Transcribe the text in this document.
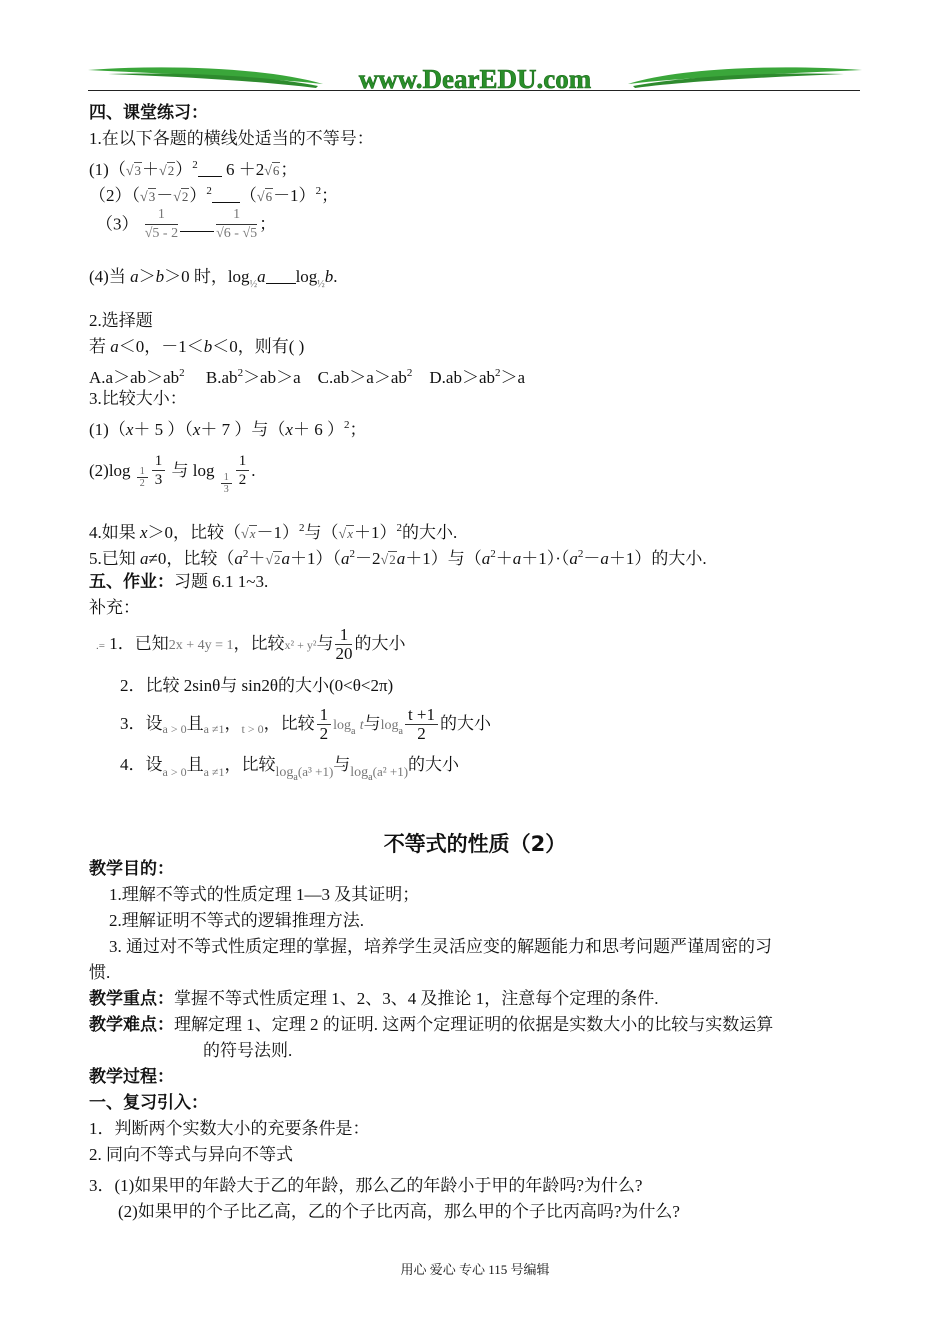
www.DearEDU.com
四、课堂练习：
1.在以下各题的横线处适当的不等号：
$(1)(√3+√2)^2$ 6 ＋2√6；
$(2)(√3-√2)^2$ $(√6-1)^2$；
$(3) \frac{1}{√5 - 2}$	$\frac{1}{√6 - √5}$ ；
(4)当 a＞b＞0 时，$\log_{\frac{1}{2}}a$ $\log_{\frac{1}{2}}b$.
2.选择题
若 a＜0，－1＜b＜0，则有( )
$A.a>ab>ab^2$ $B.ab^2>ab>a$ $C.ab>a>ab^2$ $D.ab>ab^2>a$
3.比较大小：
(1)（x＋ 5 ）（x＋ 7 ）与（x＋ 6 ）$^2$；
$(2)\log \frac{1}{2} \frac{1}{3}$ 与 log
$\frac{1}{3} \frac{1}{2}$ .
4.如果 x＞0，比较$(√x-1)^2$与$(√x+1)^2$的大小.
5.已知 a≠0，比较$(a^2+√2a+1)(a^2-2√2a+1)$与$(a^2+a+1)\cdot(a^2-a+1)$的大小.
五、作业：习题 6.1 1~3.
补充：
.= 1．已知2x + 4y = 1，比较x² + y²与 $\frac{1}{20}$ 的大小
2．比较 2sinθ与 sin2θ的大小(0<θ<2π)
3．设$_{a > 0}$且$_{a \ne 1}$，$_{t > 0}$，比较 $\frac{1}{2} \log_a t$与$\log_a \frac{t +1}{2}$ 的大小
4．设$_{a > 0}$且$_{a \ne 1}$，比较$_{loga(a^3 +1)}$与$_{loga(a^2 +1)}$的大小
不等式的性质（2）
教学目的：
1.理解不等式的性质定理 1—3 及其证明；
2.理解证明不等式的逻辑推理方法.
3. 通过对不等式性质定理的掌握，培养学生灵活应变的解题能力和思考问题严谨周密的习
惯.
教学重点：掌握不等式性质定理 1、2、3、4 及推论 1，注意每个定理的条件.
教学难点：理解定理 1、定理 2 的证明. 这两个定理证明的依据是实数大小的比较与实数运算
的符号法则.
教学过程：
一、复习引入：
1．判断两个实数大小的充要条件是：
2. 同向不等式与异向不等式
3．(1)如果甲的年龄大于乙的年龄，那么乙的年龄小于甲的年龄吗?为什么?
(2)如果甲的个子比乙高，乙的个子比丙高，那么甲的个子比丙高吗?为什么?
用心 爱心 专心 115 号编辑
